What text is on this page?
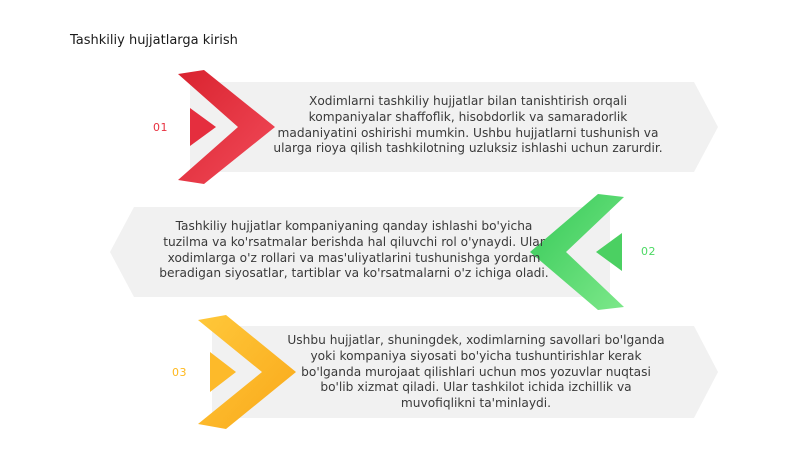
Tashkiliy hujjatlarga kirish
01
02
03
Xodimlarni tashkiliy hujjatlar bilan tanishtirish orqali
kompaniyalar shaffoflik, hisobdorlik va samaradorlik
madaniyatini oshirishi mumkin. Ushbu hujjatlarni tushunish va
ularga rioya qilish tashkilotning uzluksiz ishlashi uchun zarurdir.
Tashkiliy hujjatlar kompaniyaning qanday ishlashi bo'yicha
tuzilma va ko'rsatmalar berishda hal qiluvchi rol o'ynaydi. Ular
xodimlarga o'z rollari va mas'uliyatlarini tushunishga yordam
beradigan siyosatlar, tartiblar va ko'rsatmalarni o'z ichiga oladi.
Ushbu hujjatlar, shuningdek, xodimlarning savollari bo'lganda
yoki kompaniya siyosati bo'yicha tushuntirishlar kerak
bo'lganda murojaat qilishlari uchun mos yozuvlar nuqtasi
bo'lib xizmat qiladi. Ular tashkilot ichida izchillik va
muvofiqlikni ta'minlaydi.
